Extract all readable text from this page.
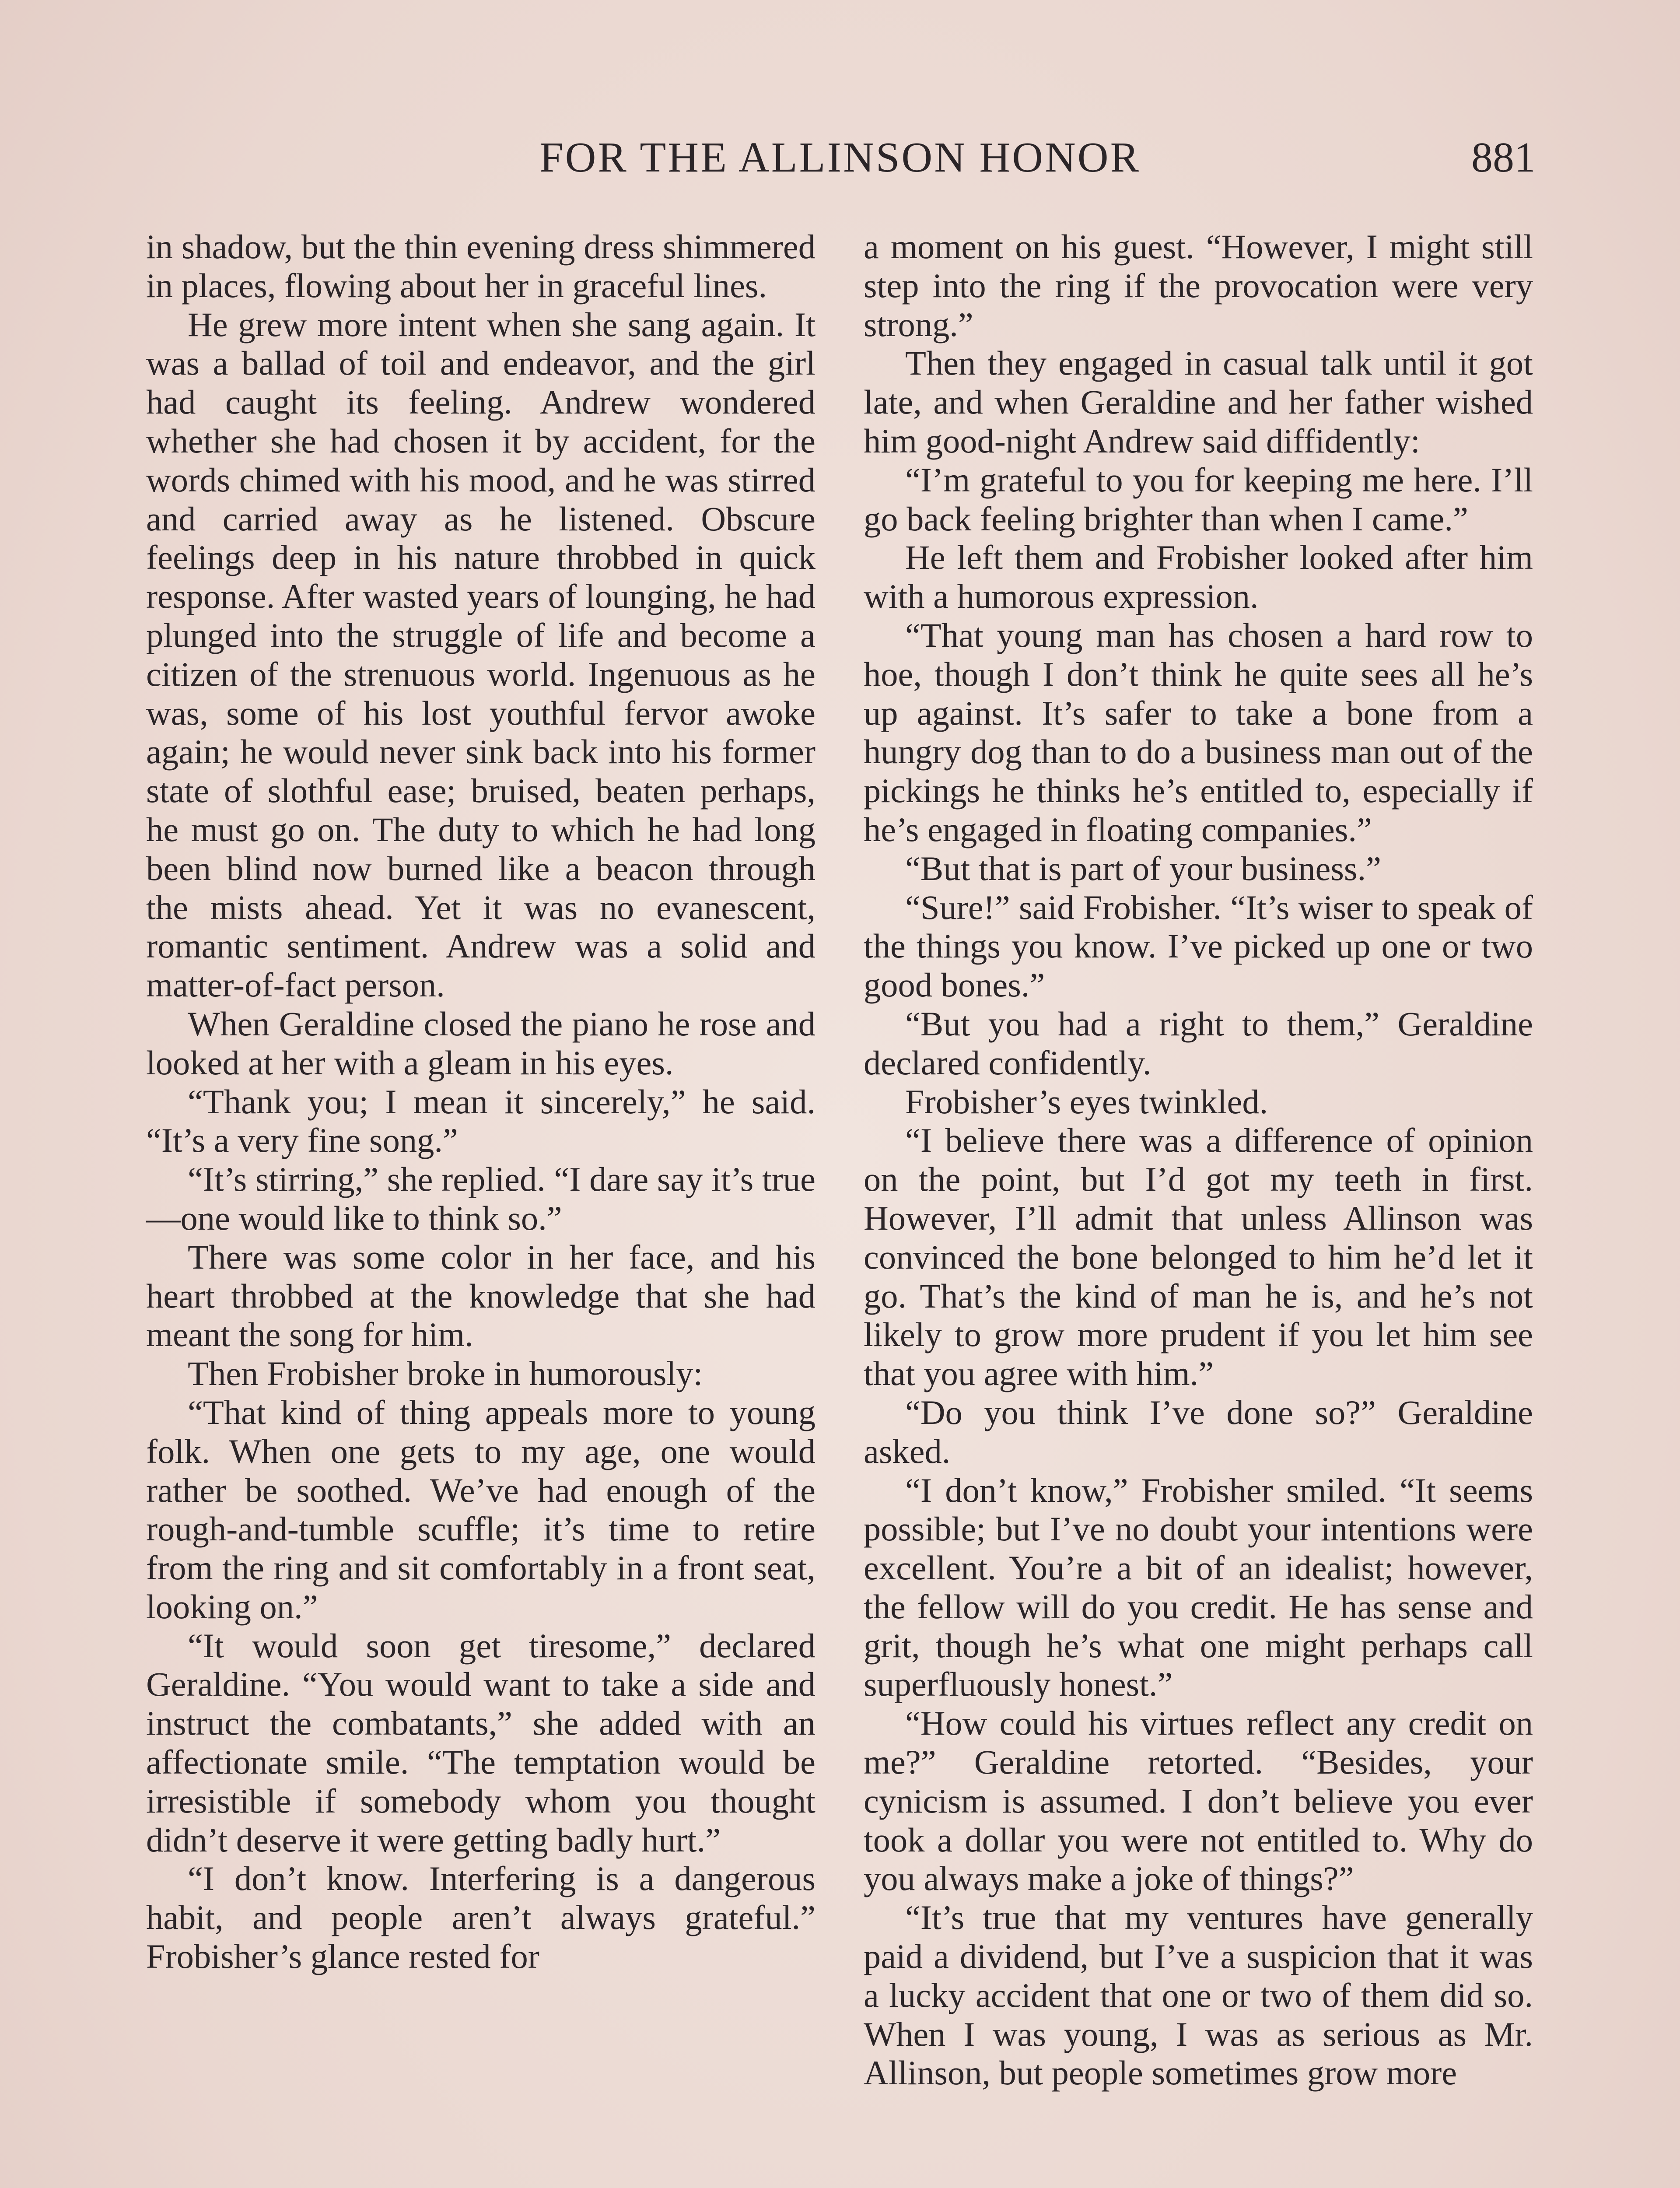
FOR THE ALLINSON HONOR	881

in shadow, but the thin evening dress shimmered in places, flowing about her in graceful lines.

He grew more intent when she sang again. It was a ballad of toil and endeavor, and the girl had caught its feeling. Andrew wondered whether she had chosen it by accident, for the words chimed with his mood, and he was stirred and carried away as he listened. Obscure feelings deep in his nature throbbed in quick response. After wasted years of lounging, he had plunged into the struggle of life and become a citizen of the strenuous world. Ingenuous as he was, some of his lost youthful fervor awoke again; he would never sink back into his former state of slothful ease; bruised, beaten perhaps, he must go on. The duty to which he had long been blind now burned like a beacon through the mists ahead. Yet it was no evanescent, romantic sentiment. Andrew was a solid and matter-of-fact person.

When Geraldine closed the piano he rose and looked at her with a gleam in his eyes.

“Thank you; I mean it sincerely,” he said. “It’s a very fine song.”

“It’s stirring,” she replied. “I dare say it’s true—one would like to think so.”

There was some color in her face, and his heart throbbed at the knowledge that she had meant the song for him.

Then Frobisher broke in humorously:

“That kind of thing appeals more to young folk. When one gets to my age, one would rather be soothed. We’ve had enough of the rough-and-tumble scuffle; it’s time to retire from the ring and sit comfortably in a front seat, looking on.”

“It would soon get tiresome,” declared Geraldine. “You would want to take a side and instruct the combatants,” she added with an affectionate smile. “The temptation would be irresistible if somebody whom you thought didn’t deserve it were getting badly hurt.”

“I don’t know. Interfering is a dangerous habit, and people aren’t always grateful.” Frobisher’s glance rested for

a moment on his guest. “However, I might still step into the ring if the provocation were very strong.”

Then they engaged in casual talk until it got late, and when Geraldine and her father wished him good-night Andrew said diffidently:

“I’m grateful to you for keeping me here. I’ll go back feeling brighter than when I came.”

He left them and Frobisher looked after him with a humorous expression.

“That young man has chosen a hard row to hoe, though I don’t think he quite sees all he’s up against. It’s safer to take a bone from a hungry dog than to do a business man out of the pickings he thinks he’s entitled to, especially if he’s engaged in floating companies.”

“But that is part of your business.”

“Sure!” said Frobisher. “It’s wiser to speak of the things you know. I’ve picked up one or two good bones.”

“But you had a right to them,” Geraldine declared confidently.

Frobisher’s eyes twinkled.

“I believe there was a difference of opinion on the point, but I’d got my teeth in first. However, I’ll admit that unless Allinson was convinced the bone belonged to him he’d let it go. That’s the kind of man he is, and he’s not likely to grow more prudent if you let him see that you agree with him.”

“Do you think I’ve done so?” Geraldine asked.

“I don’t know,” Frobisher smiled. “It seems possible; but I’ve no doubt your intentions were excellent. You’re a bit of an idealist; however, the fellow will do you credit. He has sense and grit, though he’s what one might perhaps call superfluously honest.”

“How could his virtues reflect any credit on me?” Geraldine retorted. “Besides, your cynicism is assumed. I don’t believe you ever took a dollar you were not entitled to. Why do you always make a joke of things?”

“It’s true that my ventures have generally paid a dividend, but I’ve a suspicion that it was a lucky accident that one or two of them did so. When I was young, I was as serious as Mr. Allinson, but people sometimes grow more
